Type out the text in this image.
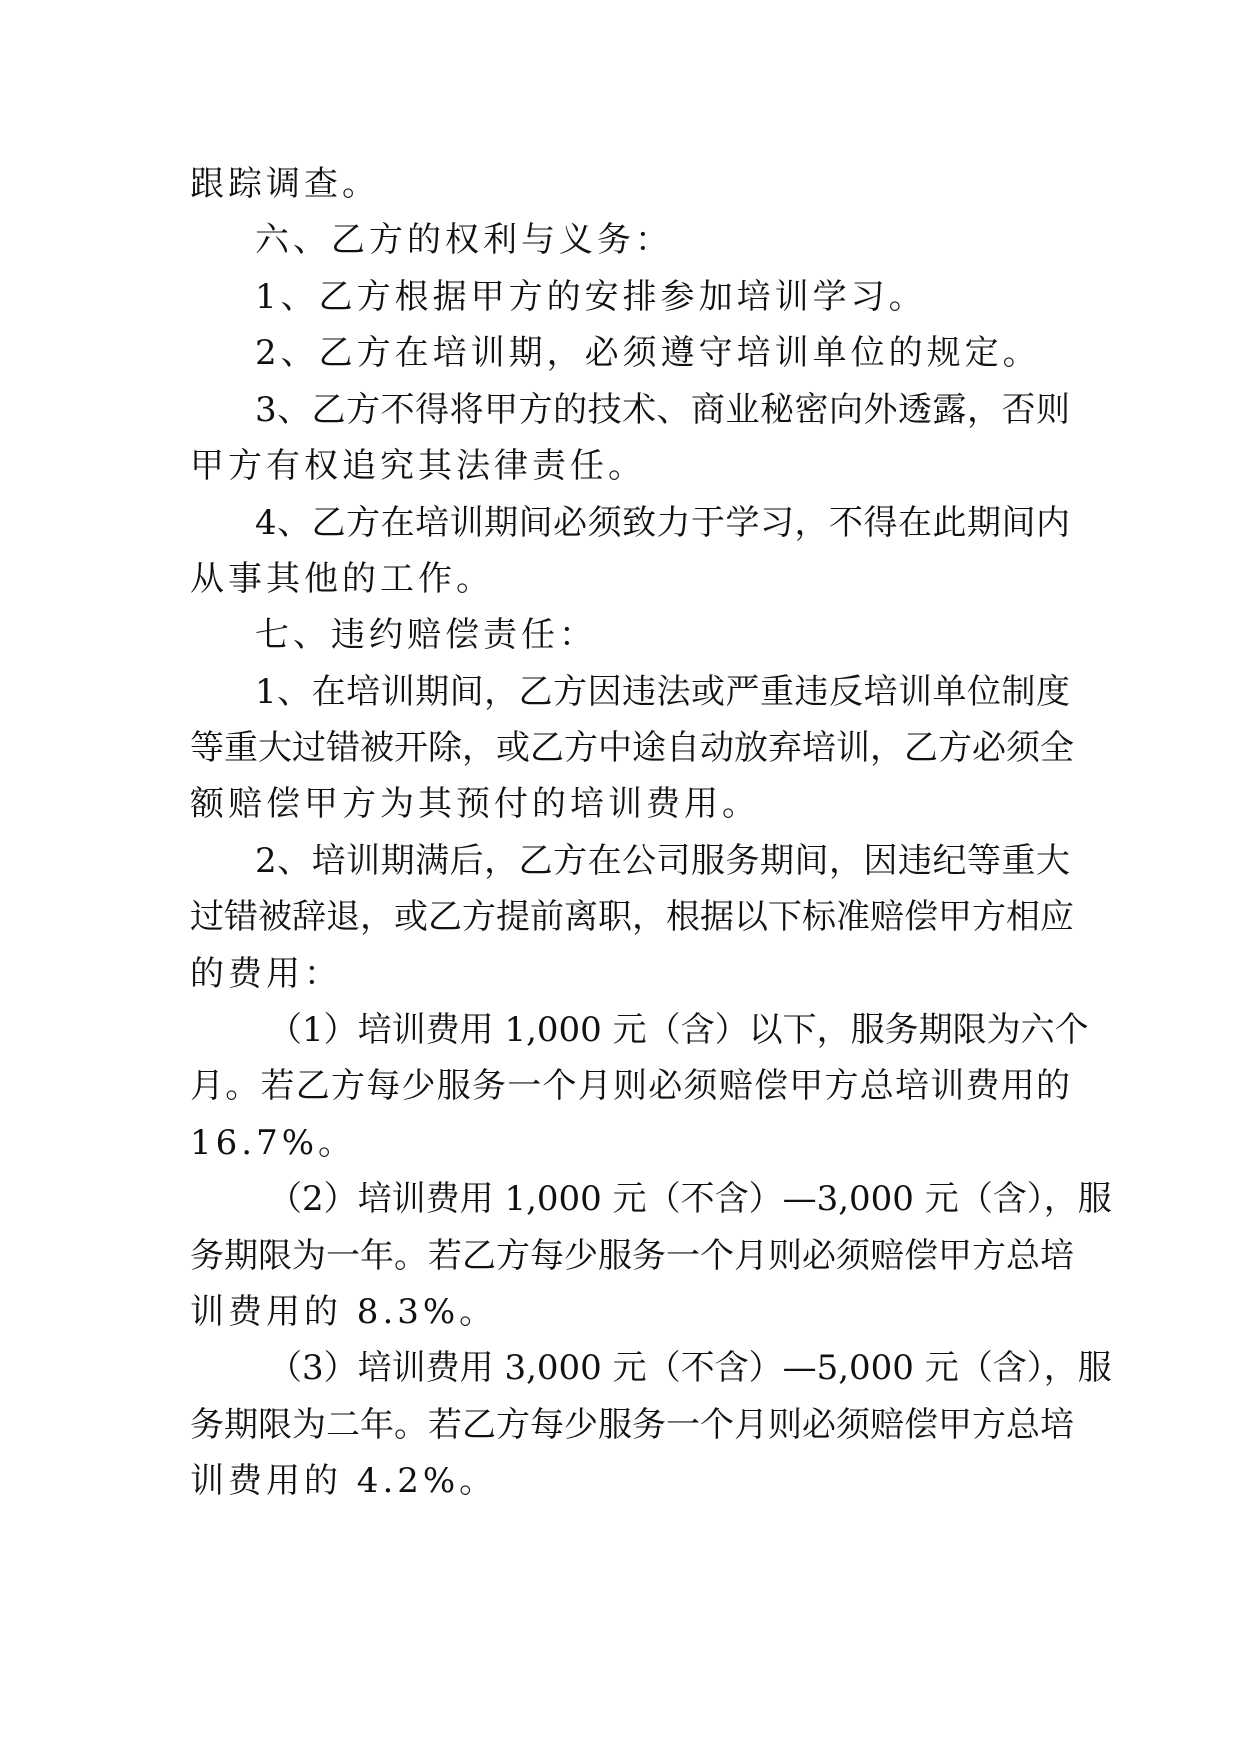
跟踪调查。

六、乙方的权利与义务：

1、乙方根据甲方的安排参加培训学习。

2、乙方在培训期，必须遵守培训单位的规定。

3、乙方不得将甲方的技术、商业秘密向外透露，否则

甲方有权追究其法律责任。

4、乙方在培训期间必须致力于学习，不得在此期间内

从事其他的工作。

七、违约赔偿责任：

1、在培训期间，乙方因违法或严重违反培训单位制度

等重大过错被开除，或乙方中途自动放弃培训，乙方必须全

额赔偿甲方为其预付的培训费用。

2、培训期满后，乙方在公司服务期间，因违纪等重大

过错被辞退，或乙方提前离职，根据以下标准赔偿甲方相应

的费用：

（1）培训费用 1,000 元（含）以下，服务期限为六个

月。若乙方每少服务一个月则必须赔偿甲方总培训费用的

16.7%。

（2）培训费用 1,000 元（不含）—3,000 元（含），服

务期限为一年。若乙方每少服务一个月则必须赔偿甲方总培

训费用的 8.3%。

（3）培训费用 3,000 元（不含）—5,000 元（含），服

务期限为二年。若乙方每少服务一个月则必须赔偿甲方总培

训费用的 4.2%。
